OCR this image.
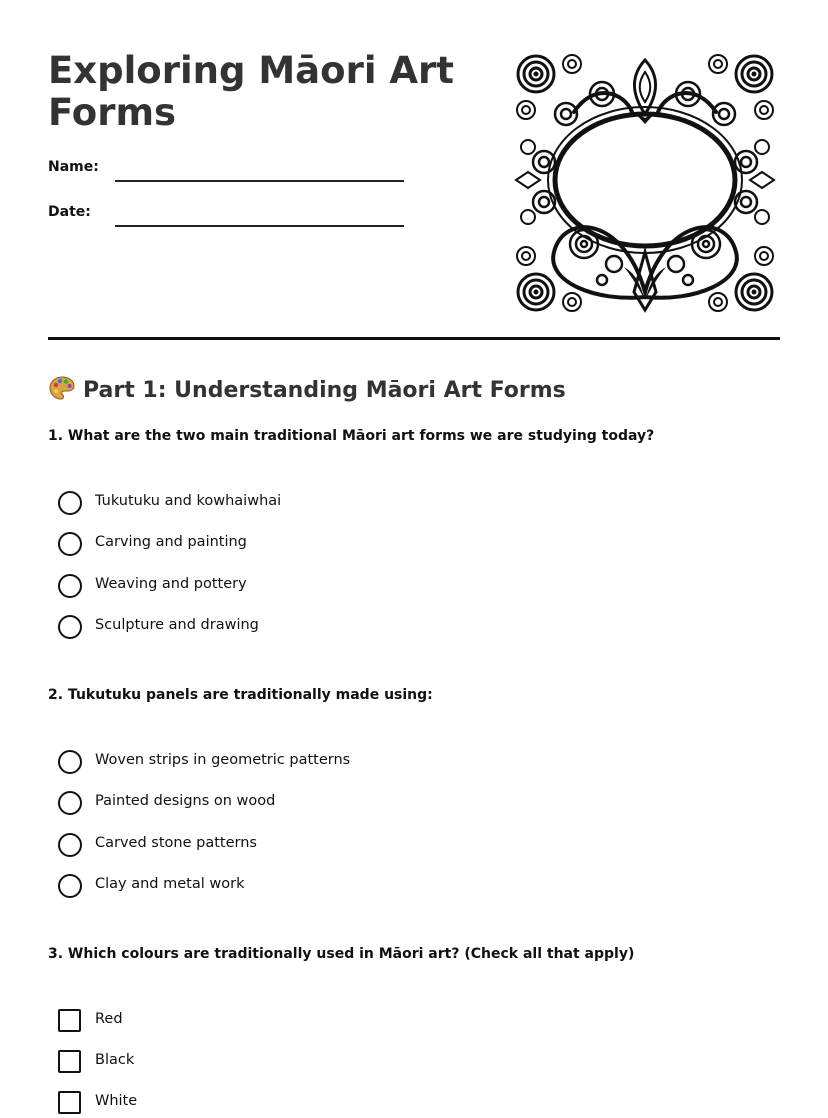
Exploring Māori Art Forms
Name:
Date:
Part 1: Understanding Māori Art Forms

1. What are the two main traditional Māori art forms we are studying today?

Tukutuku and kowhaiwhai
Carving and painting
Weaving and pottery
Sculpture and drawing

2. Tukutuku panels are traditionally made using:

Woven strips in geometric patterns
Painted designs on wood
Carved stone patterns
Clay and metal work

3. Which colours are traditionally used in Māori art? (Check all that apply)

Red
Black
White
